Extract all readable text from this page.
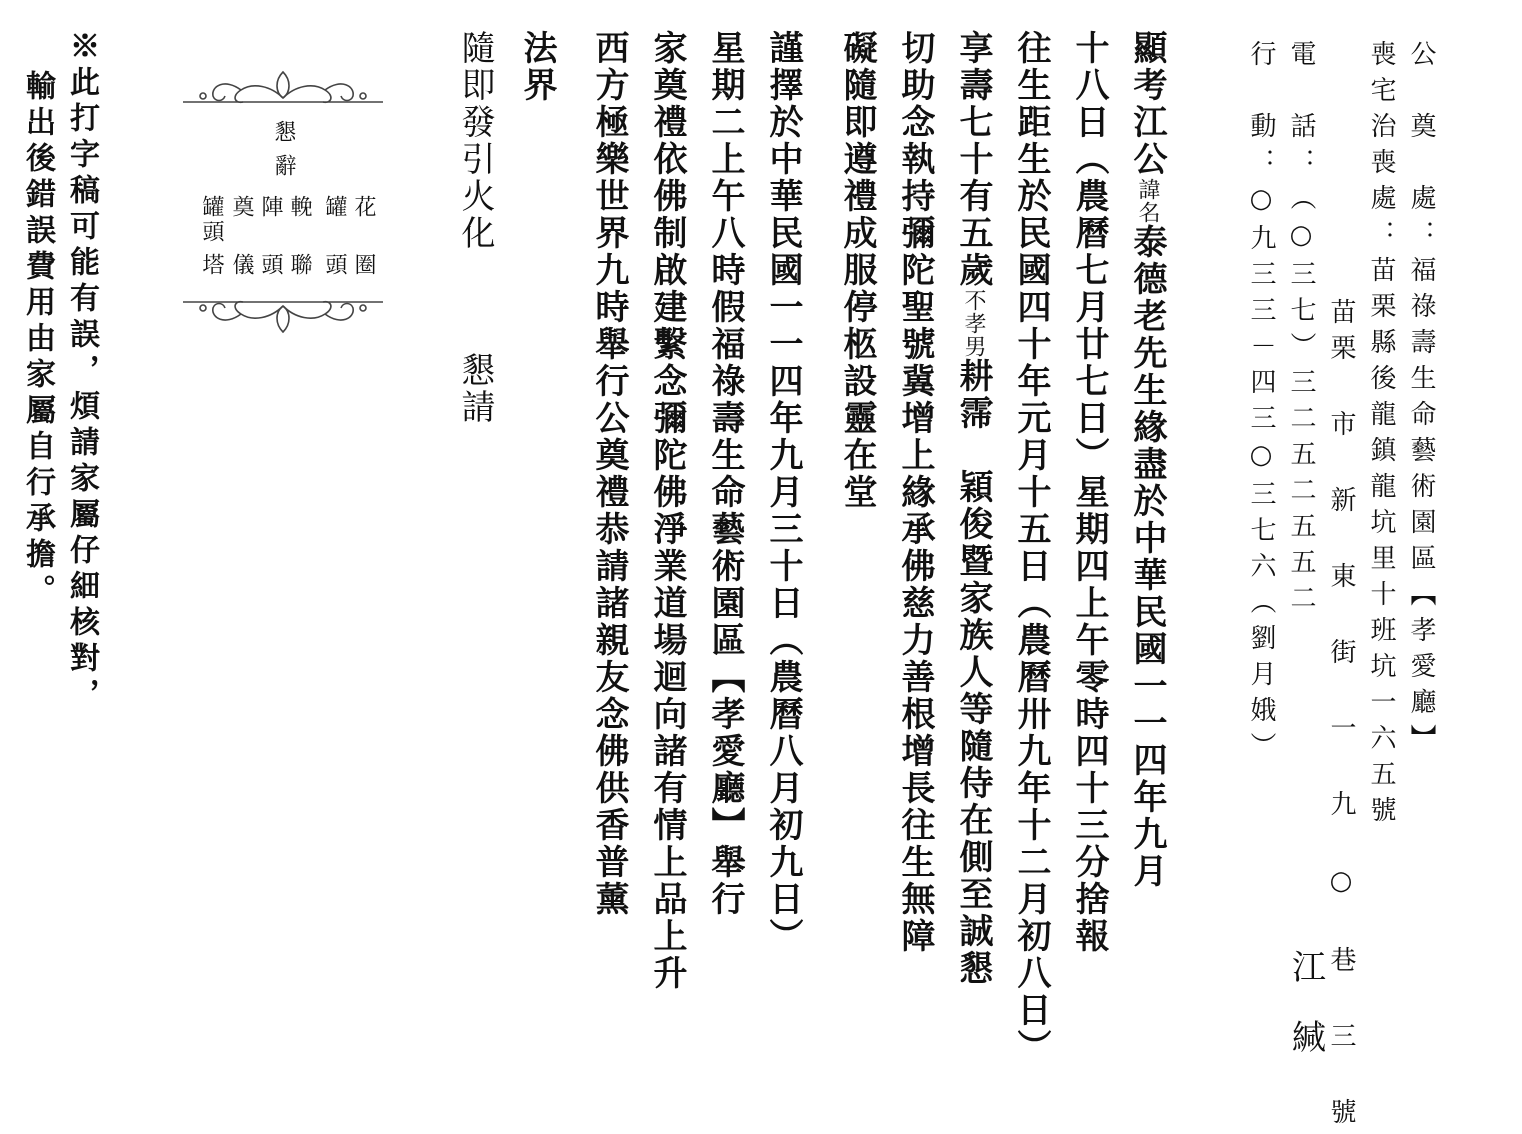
公　奠　處：福祿壽生命藝術園區【孝愛廳】
喪宅治喪處：苗栗縣後龍鎮龍坑里十班坑一六五號
苗栗 市 新 東 街 一 九 ○ 巷 三 號
電　話：（○三七）三二五二五五二
行　動：○九三三－四三○三七六（劉月娥）
江
緘
顯考江公諱名泰德老先生緣盡於中華民國一一四年九月
十八日（農曆七月廿七日）星期四上午零時四十三分捨報
往生距生於民國四十年元月十五日（農曆卅九年十二月初八日）
享壽七十有五歲不孝男耕霈　穎俊暨家族人等隨侍在側至誠懇
切助念執持彌陀聖號冀增上緣承佛慈力善根增長往生無障
礙隨即遵禮成服停柩設靈在堂
謹擇於中華民國一一四年九月三十日（農曆八月初九日）
星期二上午八時假福祿壽生命藝術園區【孝愛廳】舉行
家奠禮依佛制啟建繫念彌陀佛淨業道場迴向諸有情上品上升
西方極樂世界九時舉行公奠禮恭請諸親友念佛供香普薰
法界
隨即發引火化
懇請
懇
辭
花
圈
罐
頭
輓
聯
陣
頭
奠
儀
罐頭
塔
※此打字稿可能有誤，煩請家屬仔細核對，
輸出後錯誤費用由家屬自行承擔。
